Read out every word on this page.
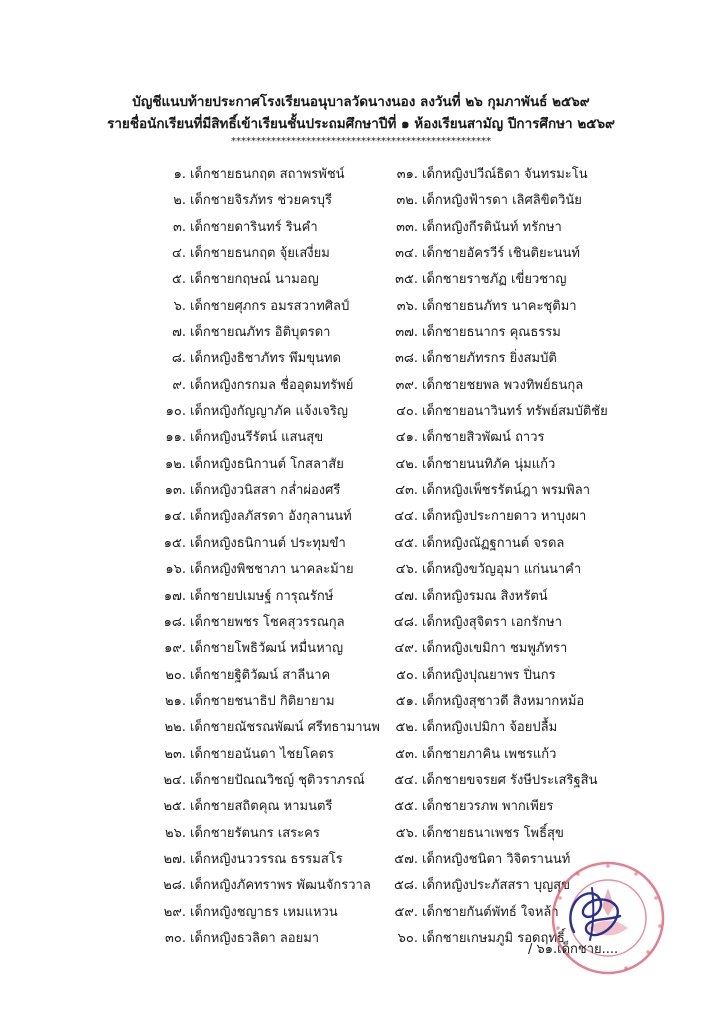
บัญชีแนบท้ายประกาศโรงเรียนอนุบาลวัดนางนอง ลงวันที่ ๒๖ กุมภาพันธ์ ๒๕๖๙
รายชื่อนักเรียนที่มีสิทธิ์เข้าเรียนชั้นประถมศึกษาปีที่ ๑ ห้องเรียนสามัญ ปีการศึกษา ๒๕๖๙
****************************************************
๑. เด็กชายธนกฤต สถาพรพัชน์
๒. เด็กชายจิรภัทร ช่วยครบุรี
๓. เด็กชายดารินทร์ รินคำ
๔. เด็กชายธนกฤต จุ้ยเสงี่ยม
๕. เด็กชายกฤษณ์ นามอญ
๖. เด็กชายศุภกร อมรสวาทศิลป์
๗. เด็กชายณภัทร อิติบุตรดา
๘. เด็กหญิงธิชาภัทร พึมขุนทด
๙. เด็กหญิงกรกมล ชื่ออุดมทรัพย์
๑๐. เด็กหญิงกัญญาภัค แจ้งเจริญ
๑๑. เด็กหญิงนรีรัตน์ แสนสุข
๑๒. เด็กหญิงธนิกานต์ โกสลาสัย
๑๓. เด็กหญิงวนิสสา กล่ำผ่องศรี
๑๔. เด็กหญิงลภัสรดา อังกุลานนท์
๑๕. เด็กหญิงธนิกานต์ ประทุมขำ
๑๖. เด็กหญิงพิชชาภา นาคละม้าย
๑๗. เด็กชายปเมษฐ์ การุณรักษ์
๑๘. เด็กชายพชร โชคสุวรรณกุล
๑๙. เด็กชายโพธิวัฒน์ หมื่นหาญ
๒๐. เด็กชายฐิติวัฒน์ สาลีนาค
๒๑. เด็กชายชนาธิป กิติยายาม
๒๒. เด็กชายณัชรณพัฒน์ ศรีทธามานพ
๒๓. เด็กชายอนันดา ไชยโคตร
๒๔. เด็กชายปัณณวิชญ์ ชุติวราภรณ์
๒๕. เด็กชายสถิตคุณ หามนตรี
๒๖. เด็กชายรัตนกร เสระคร
๒๗. เด็กหญิงนววรรณ ธรรมสโร
๒๘. เด็กหญิงภัคทราพร พัฒนจักรวาล
๒๙. เด็กหญิงชญาธร เหมแหวน
๓๐. เด็กหญิงธวลิดา ลอยมา
๓๑. เด็กหญิงปวีณ์ธิดา จันทรมะโน
๓๒. เด็กหญิงฟ้ารดา เลิศลิขิตวินัย
๓๓. เด็กหญิงกีรตินันท์ ทรักษา
๓๔. เด็กชายอัครวีร์ เชินติยะนนท์
๓๕. เด็กชายราชภัฏ เขี่ยวชาญ
๓๖. เด็กชายธนภัทร นาคะชุติมา
๓๗. เด็กชายธนากร คุณธรรม
๓๘. เด็กชายภัทรกร ยิ่งสมบัติ
๓๙. เด็กชายชยพล พวงทิพย์ธนกุล
๔๐. เด็กชายอนาวินทร์ ทรัพย์สมบัติชัย
๔๑. เด็กชายสิวพัฒน์ ถาวร
๔๒. เด็กชายนนทิภัค นุ่มแก้ว
๔๓. เด็กหญิงเพ็ชรรัตน์ฎา พรมพิลา
๔๔. เด็กหญิงประกายดาว หาบุงผา
๔๕. เด็กหญิงณัฏฐกานต์ จรดล
๔๖. เด็กหญิงขวัญอุมา แก่นนาคำ
๔๗. เด็กหญิงรมณ สิงหรัตน์
๔๘. เด็กหญิงสุจิตรา เอกรักษา
๔๙. เด็กหญิงเขมิกา ชมพูภัทรา
๕๐. เด็กหญิงปุณยาพร ปิ่นกร
๕๑. เด็กหญิงสุชาวดี สิงหมากหม้อ
๕๒. เด็กหญิงเปมิกา จ้อยปลื้ม
๕๓. เด็กชายภาคิน เพชรแก้ว
๕๔. เด็กชายขจรยศ รังษีประเสริฐสิน
๕๕. เด็กชายวรภพ พากเพียร
๕๖. เด็กชายธนาเพชร โพธิ์สุข
๕๗. เด็กหญิงชนิตา วิจิตรานนท์
๕๘. เด็กหญิงประภัสสรา บุญสุข
๕๙. เด็กชายกันต์พัทธ์ ใจหล้า
๖๐. เด็กชายเกษมภูมิ รอดฤทธิ์
/ ๖๑.เด็กชาย....
